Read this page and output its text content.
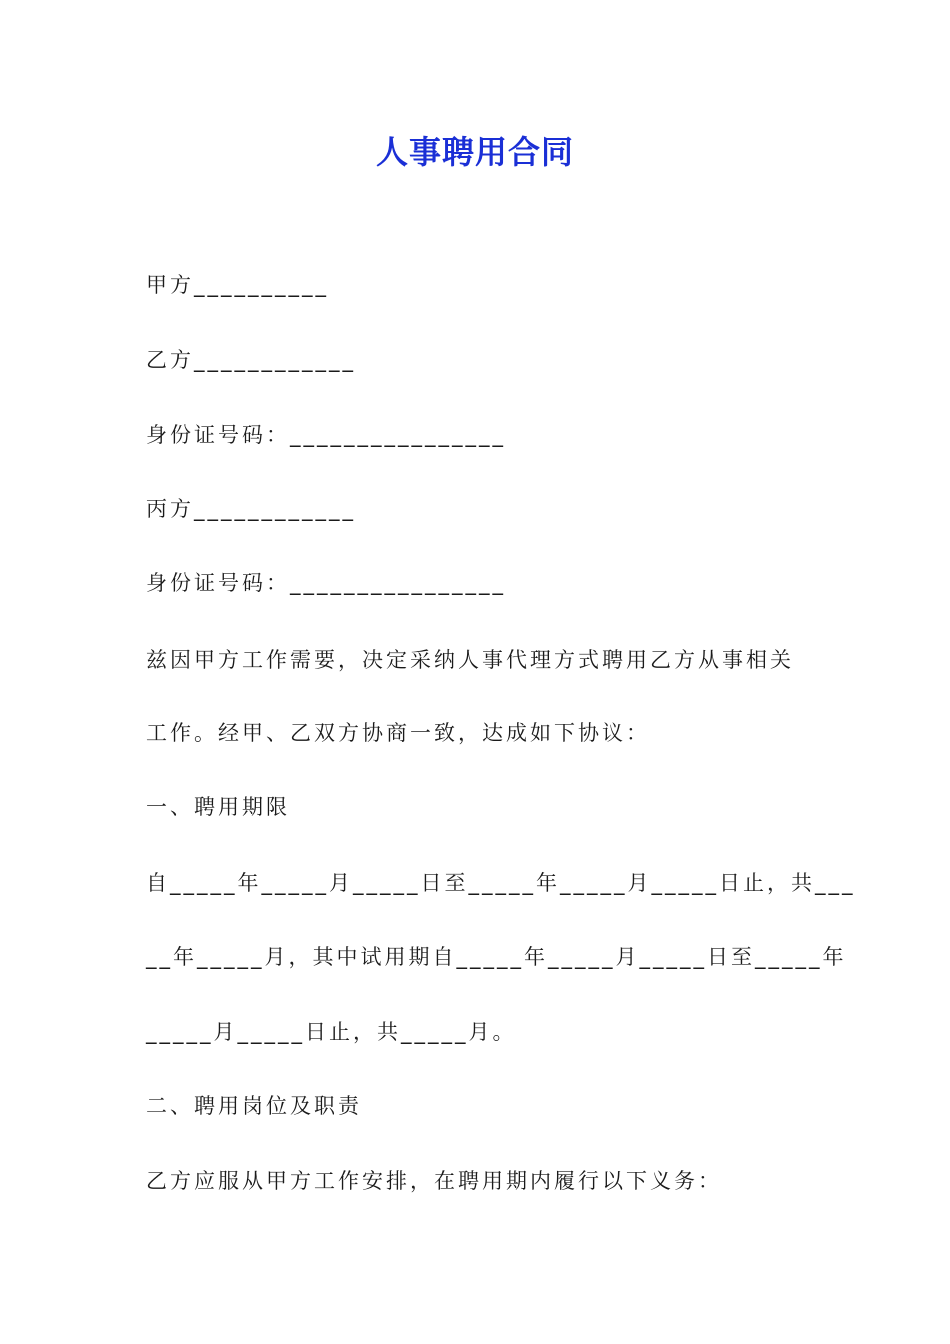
人事聘用合同
甲方__________
乙方____________
身份证号码：________________
丙方____________
身份证号码：________________
兹因甲方工作需要，决定采纳人事代理方式聘用乙方从事相关
工作。经甲、乙双方协商一致，达成如下协议：
一、聘用期限
自_____年_____月_____日至_____年_____月_____日止，共___
__年_____月，其中试用期自_____年_____月_____日至_____年
_____月_____日止，共_____月。
二、聘用岗位及职责
乙方应服从甲方工作安排，在聘用期内履行以下义务：
